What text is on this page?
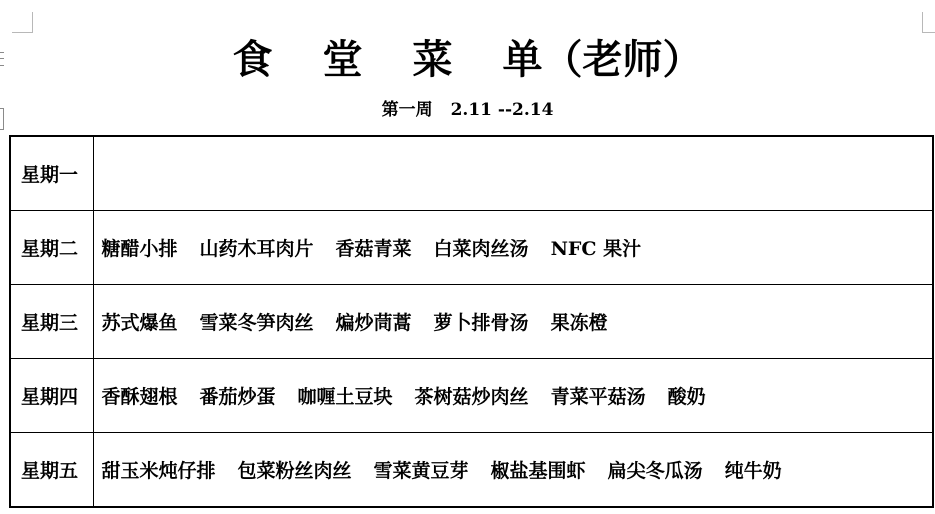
食 堂 菜 单（老师）
第一周 2.11 --2.14
星期一	
星期二	糖醋小排 山药木耳肉片 香菇青菜 白菜肉丝汤 NFC 果汁
星期三	苏式爆鱼 雪菜冬笋肉丝 煸炒茼蒿 萝卜排骨汤 果冻橙
星期四	香酥翅根 番茄炒蛋 咖喱土豆块 茶树菇炒肉丝 青菜平菇汤 酸奶
星期五	甜玉米炖仔排 包菜粉丝肉丝 雪菜黄豆芽 椒盐基围虾 扁尖冬瓜汤 纯牛奶
